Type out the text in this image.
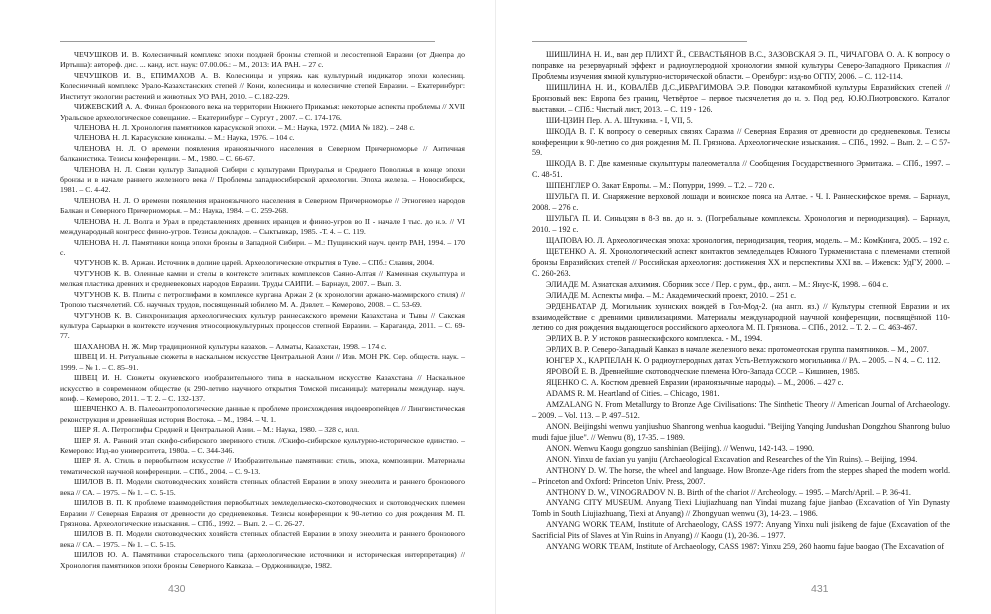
ЧЕЧУШКОВ И. В. Колесничный комплекс эпохи поздней бронзы степной и лесостепной Евразии (от Днепра до Иртыша): автореф. дис. ... канд. ист. наук: 07.00.06.: – М., 2013: ИА РАН. – 27 с.

ЧЕЧУШКОВ И. В., ЕПИМАХОВ А. В. Колесницы и упряжь как культурный индикатор эпохи колесниц. Колесничный комплекс Урало-Казахстанских степей // Кони, колесницы и колесничие степей Евразии. – Екатеринбург: Институт экологии растений и животных УО РАН, 2010. – С.182-229.

ЧИЖЕВСКИЙ А. А. Финал бронзового века на территории Нижнего Прикамья: некоторые аспекты проблемы // XVII Уральское археологическое совещание. – Екатеринбург – Сургут , 2007. – С. 174-176.

ЧЛЕНОВА Н. Л. Хронология памятников карасукской эпохи. – М.: Наука, 1972. (МИА № 182). – 248 с.

ЧЛЕНОВА Н. Л. Карасукские кинжалы. – М.: Наука, 1976. – 104 с.

ЧЛЕНОВА Н. Л. О времени появления ираноязычного населения в Северном Причерноморье // Античная балканистика. Тезисы конференции. – М., 1980. – С. 66-67.

ЧЛЕНОВА Н. Л. Связи культур Западной Сибири с культурами Приуралья и Среднего Поволжья в конце эпохи бронзы и в начале раннего железного века // Проблемы западносибирской археологии. Эпоха железа. – Новосибирск, 1981. – С. 4-42.

ЧЛЕНОВА Н. Л. О времени появления ираноязычного населения в Северном Причерноморье // Этногенез народов Балкан и Северного Причерноморья. – М.: Наука, 1984. – С. 259-268.

ЧЛЕНОВА Н. Л. Волга и Урал в представлениях древних иранцев и финно-угров во II - начале I тыс. до н.э. // VI международный конгресс финно-угров. Тезисы докладов. – Сыктывкар, 1985. -Т. 4. – С. 119.

ЧЛЕНОВА Н. Л. Памятники конца эпохи бронзы в Западной Сибири. – М.: Пущинский науч. центр РАН, 1994. – 170 с.

ЧУГУНОВ К. В. Аржан. Источник в долине царей. Археологические открытия в Туве. – СПб.: Славия, 2004.

ЧУГУНОВ К. В. Оленные камни и стелы в контексте элитных комплексов Саяно-Алтая // Каменная скульптура и мелкая пластика древних и средневековых народов Евразии. Труды САИПИ. – Барнаул, 2007. – Вып. 3.

ЧУГУНОВ К. В. Плиты с петроглифами в комплексе кургана Аржан 2 (к хронологии аржано-маэмирского стиля) // Тропою тысячелетий. Сб. научных трудов, посвященный юбилею М. А. Дэвлет. – Кемерово, 2008. – С. 53-69.

ЧУГУНОВ К. В. Синхронизация археологических культур раннесакского времени Казахстана и Тывы // Сакская культура Сарыарки в контексте изучения этносоциокультурных процессов степной Евразии. – Караганда, 2011. – С. 69-77.

ШАХАНОВА Н. Ж. Мир традиционной культуры казахов. – Алматы, Казахстан, 1998. – 174 с.

ШВЕЦ И. Н. Ритуальные сюжеты в наскальном искусстве Центральной Азии // Изв. МОН РК. Сер. обществ. наук. – 1999. – № 1. – С. 85–91.

ШВЕЦ И. Н. Сюжеты окуневского изобразительного типа в наскальном искусстве Казахстана // Наскальное искусство в современном обществе (к 290-летию научного открытия Томской писаницы): материалы междунар. науч. конф. – Кемерово, 2011. – Т. 2. – С. 132-137.

ШЕВЧЕНКО А. В. Палеоантропологические данные к проблеме происхождения индоевропейцев // Лингвистическая реконструкция и древнейшая история Востока. – М., 1984. – Ч. 1.

ШЕР Я. А. Петроглифы Средней и Центральной Азии. – М.: Наука, 1980. – 328 с, илл.

ШЕР Я. А. Ранний этап скифо-сибирского звериного стиля. //Скифо-сибирское культурно-историческое единство. – Кемерово: Изд-во университета, 1980а. – С. 344-346.

ШЕР Я. А. Стиль в первобытном искусстве // Изобразительные памятники: стиль, эпоха, композиции. Материалы тематической научной конференции. – СПб., 2004. – С. 9-13.

ШИЛОВ В. П. Модели скотоводческих хозяйств степных областей Евразии в эпоху энеолита и раннего бронзового века // СА. – 1975. – № 1. – С. 5-15.

ШИЛОВ В. П. К проблеме взаимодействия первобытных земледельческо-скотоводческих и скотоводческих племен Евразии // Северная Евразия от древности до средневековья. Тезисы конференции к 90-летию со дня рождения М. П. Грязнова. Археологические изыскания. – СПб., 1992. – Вып. 2. – С. 26-27.

ШИЛОВ В. П. Модели скотоводческих хозяйств степных областей Евразии в эпоху энеолита и раннего бронзового века // СА. – 1975. – № 1. – С. 5-15.

ШИЛОВ Ю. А. Памятники старосельского типа (археологические источники и историческая интерпретация) // Хронология памятников эпохи бронзы Северного Кавказа. – Орджоникидзе, 1982.

430

ШИШЛИНА Н. И., ван дер ПЛИХТ Й., СЕВАСТЬЯНОВ В.С., ЗАЗОВСКАЯ Э. П., ЧИЧАГОВА О. А. К вопросу о поправке на резервуарный эффект и радиоуглеродной хронологии ямной культуры Северо-Западного Прикаспия // Проблемы изучения ямной культурно-исторической области. – Оренбург: изд-во ОГПУ, 2006. – С. 112-114.

ШИШЛИНА Н. И., КОВАЛЁВ Д.С.,ИБРАГИМОВА Э.Р. Поводки катакомбной культуры Евразийских степей //Бронзовый век: Европа без границ, Четвёртое – первое тысячелетия до н. э. Под ред. Ю.Ю.Пиотровского. Каталог выставки. – СПб.: Чистый лист, 2013. – С. 119 - 126.

ШИ-ЦЗИН Пер. А. А. Штукина. - I, VII, 5.

ШКОДА В. Г. К вопросу о северных связях Саразма // Северная Евразия от древности до средневековья. Тезисы конференции к 90-летию со дня рождения М. П. Грязнова. Археологические изыскания. – СПб., 1992. – Вып. 2. – С 57-59.

ШКОДА В. Г. Две каменные скульптуры палеометалла // Сообщения Государственного Эрмитажа. – СПб., 1997. – С. 48-51.

ШПЕНГЛЕР О. Закат Европы. – М.: Попурри, 1999. – Т.2. – 720 с.

ШУЛЬГА П. И. Снаряжение верховой лошади и воинское пояса на Алтае. - Ч. I. Раннескифское время. – Барнаул, 2008. – 276 с.

ШУЛЬГА П. И. Синьцзян в 8-3 вв. до н. э. (Погребальные комплексы. Хронология и периодизация). – Барнаул, 2010. – 192 с.

ЩАПОВА Ю. Л. Археологическая эпоха: хронология, периодизация, теория, модель. – М.: КомКнига, 2005. – 192 с.

ЩЕТЕНКО А. Я. Хронологический аспект контактов земледельцев Южного Туркменистана с племенами степной бронзы Евразийских степей // Российская археология: достижения XX и перспективы XXI вв. – Ижевск: УдГУ, 2000. – С. 260-263.

ЭЛИАДЕ М. Азиатская алхимия. Сборник эссе / Пер. с рум., фр., англ. – М.: Янус-К, 1998. – 604 с.

ЭЛИАДЕ М. Аспекты мифа. – М.: Академический проект, 2010. – 251 с.

ЭРДЕНБАТАР Д. Могильник хуннских вождей в Гол-Мод-2. (на англ. яз.) // Культуры степной Евразии и их взаимодействие с древними цивилизациями. Материалы международной научной конференции, посвящённой 110-летию со дня рождения выдающегося российского археолога М. П. Грязнова. – СПб., 2012. – Т. 2. – С. 463-467.

ЭРЛИХ В. Р. У истоков раннескифского комплекса. - М., 1994.

ЭРЛИХ В. Р. Северо-Западный Кавказ в начале железного века: протомеотская группа памятников. – М., 2007.

ЮНГЕР Х., КАРПЕЛАН К. О радиоуглеродных датах Усть-Ветлужского могильника // РА. – 2005. – N 4. – С. 112.

ЯРОВОЙ Е. В. Древнейшие скотоводческие племена Юго-Запада СССР. – Кишинев, 1985.

ЯЦЕНКО С. А. Костюм древней Евразии (ираноязычные народы). – М., 2006. – 427 с.

ADAMS R. M. Heartland of Cities. – Chicago, 1981.

AMZALANG N. From Metallurgy to Bronze Age Civilisations: The Sinthetic Theory // American Journal of Archaeology. – 2009. – Vol. 113. – P. 497–512.

ANON. Beijingshi wenwu yanjiushuo Shanrong wenhua kaogudui. "Beijing Yanqing Jundushan Dongzhou Shanrong buluo mudi fajue jilue". // Wenwu (8), 17-35. – 1989.

ANON. Wenwu Kaogu gongzuo sanshinian (Beijing). // Wenwu, 142-143. – 1990.

ANON. Yinxu de faxian yu yanjiu (Archaeological Excavation and Researches of the Yin Ruins). – Beijing, 1994.

ANTHONY D. W. The horse, the wheel and language. How Bronze-Age riders from the steppes shaped the modern world. – Princeton and Oxford: Princeton Univ. Press, 2007.

ANTHONY D. W., VINOGRADOV N. B. Birth of the chariot // Archeology. – 1995. – March/April. – P. 36-41.

ANYANG CITY MUSEUM. Anyang Tiexi Liujiazhuang nan Yindai muzang fajue jianbao (Excavation of Yin Dynasty Tomb in South Liujiazhuang, Tiexi at Anyang) // Zhongyuan wenwu (3), 14-23. – 1986.

ANYANG WORK TEAM, Institute of Archaeology, CASS 1977: Anyang Yinxu nuli jisikeng de fajue (Excavation of the Sacrificial Pits of Slaves at Yin Ruins in Anyang) // Kaogu (1), 20-36. – 1977.

ANYANG WORK TEAM, Institute of Archaeology, CASS 1987: Yinxu 259, 260 haomu fajue baogao (The Excavation of

431
